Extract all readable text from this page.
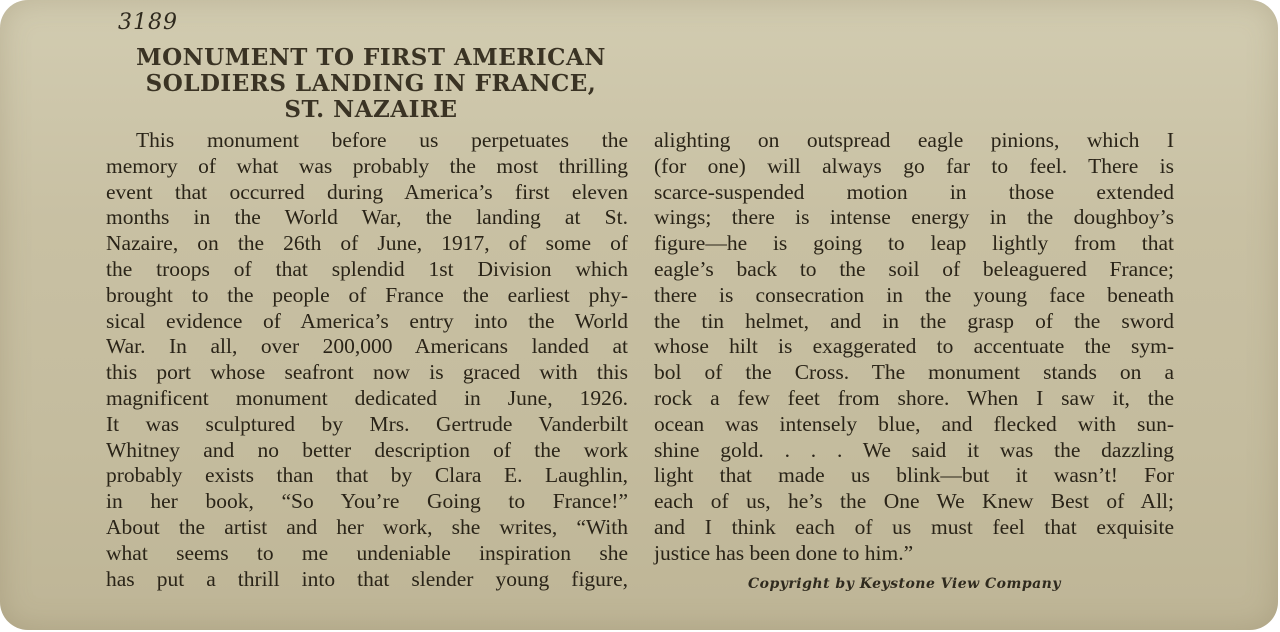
3189
MONUMENT TO FIRST AMERICAN
SOLDIERS LANDING IN FRANCE,
ST. NAZAIRE
This monument before us perpetuates the
memory of what was probably the most thrilling
event that occurred during America’s first eleven
months in the World War, the landing at St.
Nazaire, on the 26th of June, 1917, of some of
the troops of that splendid 1st Division which
brought to the people of France the earliest phy-
sical evidence of America’s entry into the World
War. In all, over 200,000 Americans landed at
this port whose seafront now is graced with this
magnificent monument dedicated in June, 1926.
It was sculptured by Mrs. Gertrude Vanderbilt
Whitney and no better description of the work
probably exists than that by Clara E. Laughlin,
in her book, “So You’re Going to France!”
About the artist and her work, she writes, “With
what seems to me undeniable inspiration she
has put a thrill into that slender young figure,
alighting on outspread eagle pinions, which I
(for one) will always go far to feel. There is
scarce-suspended motion in those extended
wings; there is intense energy in the doughboy’s
figure—he is going to leap lightly from that
eagle’s back to the soil of beleaguered France;
there is consecration in the young face beneath
the tin helmet, and in the grasp of the sword
whose hilt is exaggerated to accentuate the sym-
bol of the Cross. The monument stands on a
rock a few feet from shore. When I saw it, the
ocean was intensely blue, and flecked with sun-
shine gold. . . . We said it was the dazzling
light that made us blink—but it wasn’t! For
each of us, he’s the One We Knew Best of All;
and I think each of us must feel that exquisite
justice has been done to him.”
Copyright by Keystone View Company
